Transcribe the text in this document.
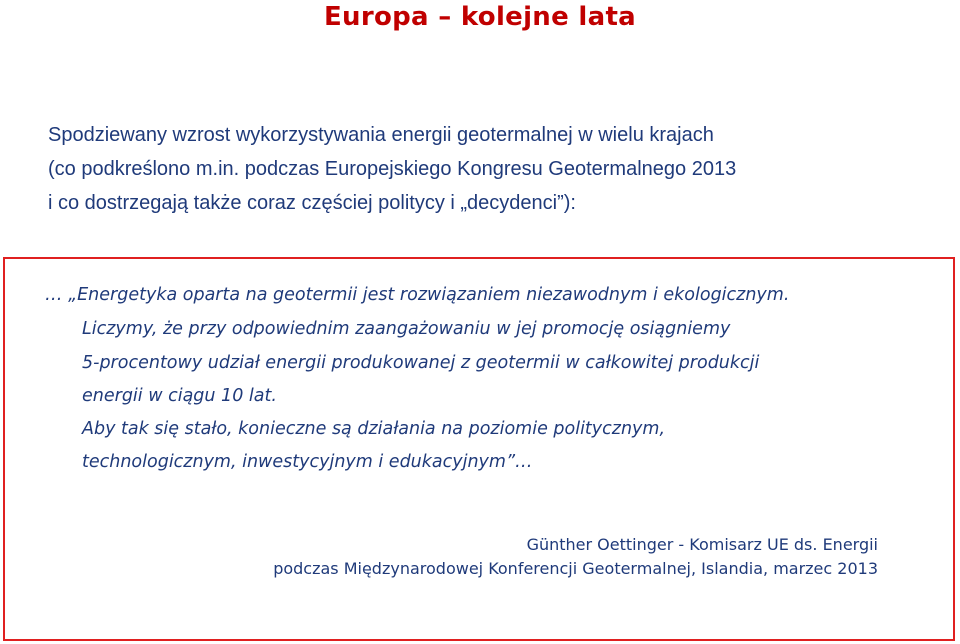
Europa – kolejne lata
Spodziewany wzrost wykorzystywania energii geotermalnej w wielu krajach
(co podkreślono m.in. podczas Europejskiego Kongresu Geotermalnego 2013
i co dostrzegają także coraz częściej politycy i „decydenci”):
… „Energetyka oparta na geotermii jest rozwiązaniem niezawodnym i ekologicznym.
Liczymy, że przy odpowiednim zaangażowaniu w jej promocję osiągniemy
5-procentowy udział energii produkowanej z geotermii w całkowitej produkcji
energii w ciągu 10 lat.
Aby tak się stało, konieczne są działania na poziomie politycznym,
technologicznym, inwestycyjnym i edukacyjnym”…
Günther Oettinger - Komisarz UE ds. Energii
podczas Międzynarodowej Konferencji Geotermalnej, Islandia, marzec 2013
